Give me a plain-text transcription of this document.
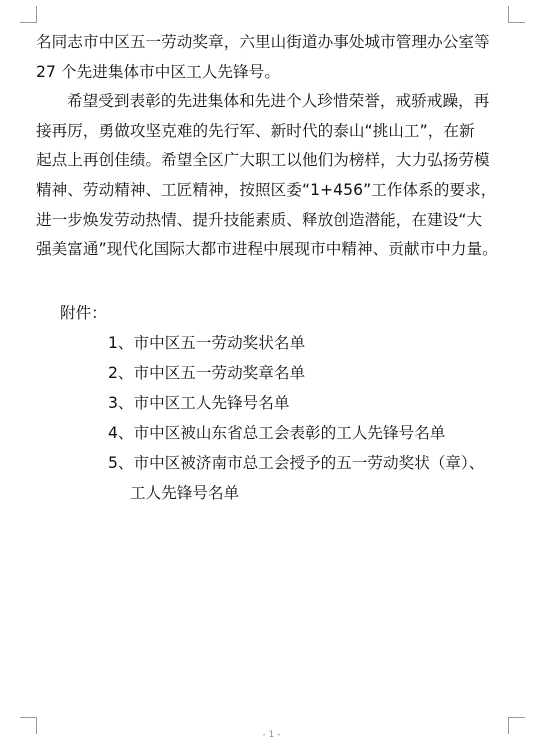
名同志市中区五一劳动奖章，六里山街道办事处城市管理办公室等
27 个先进集体市中区工人先锋号。
希望受到表彰的先进集体和先进个人珍惜荣誉，戒骄戒躁，再
接再厉，勇做攻坚克难的先行军、新时代的泰山“挑山工”，在新
起点上再创佳绩。希望全区广大职工以他们为榜样，大力弘扬劳模
精神、劳动精神、工匠精神，按照区委“1+456”工作体系的要求，
进一步焕发劳动热情、提升技能素质、释放创造潜能，在建设“大
强美富通”现代化国际大都市进程中展现市中精神、贡献市中力量。
附件：
1、市中区五一劳动奖状名单
2、市中区五一劳动奖章名单
3、市中区工人先锋号名单
4、市中区被山东省总工会表彰的工人先锋号名单
5、市中区被济南市总工会授予的五一劳动奖状（章）、
工人先锋号名单
- 1 -
